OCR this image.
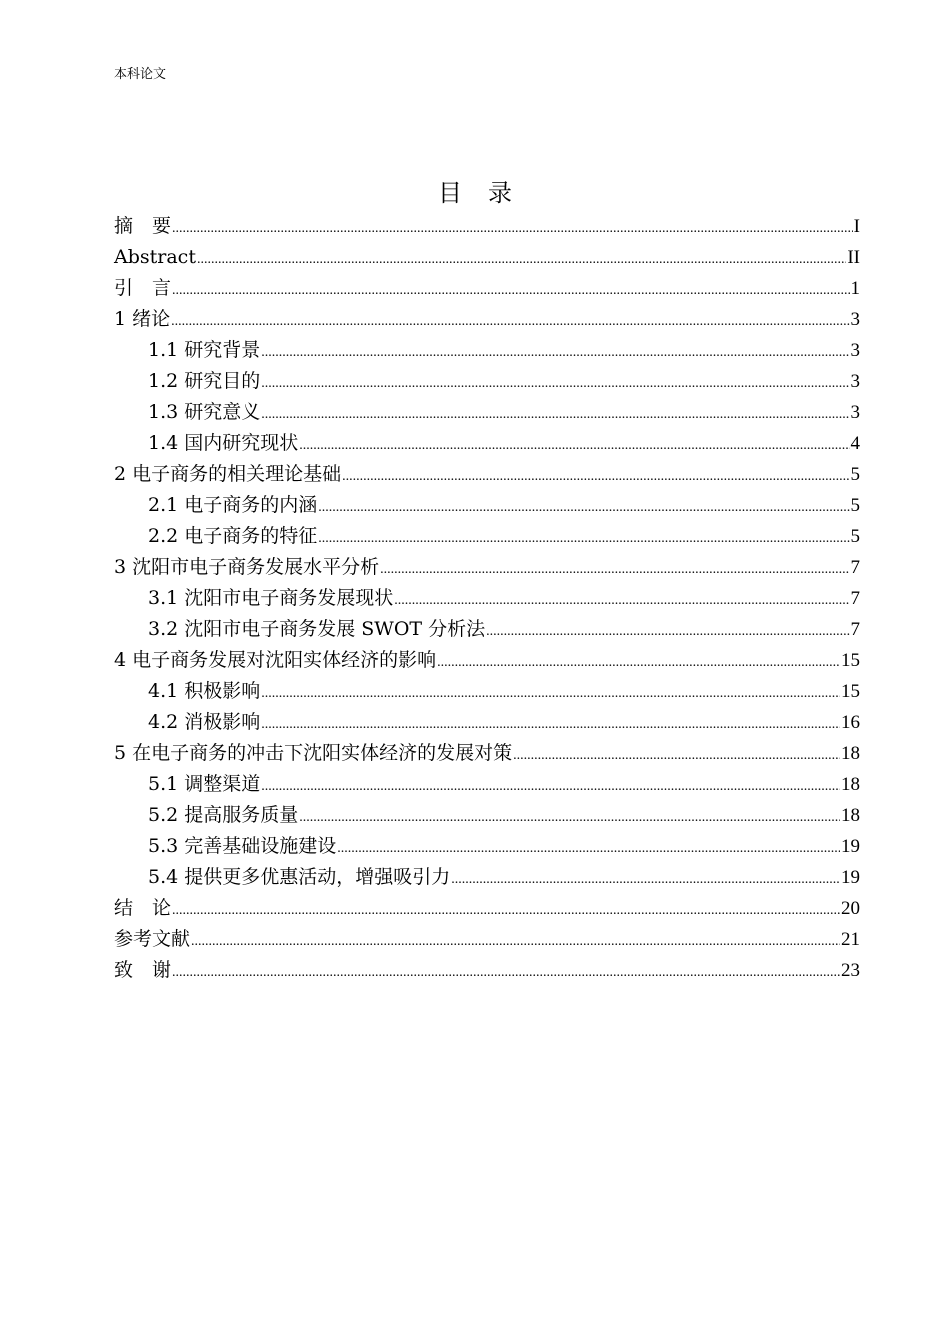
本科论文
目录
摘　要 .....	I
Abstract .....	II
引　言 .....	1
1 绪论 .....	3
1.1 研究背景 .....	3
1.2 研究目的 .....	3
1.3 研究意义 .....	3
1.4 国内研究现状 .....	4
2 电子商务的相关理论基础 .....	5
2.1 电子商务的内涵 .....	5
2.2 电子商务的特征 .....	5
3 沈阳市电子商务发展水平分析 .....	7
3.1 沈阳市电子商务发展现状 .....	7
3.2 沈阳市电子商务发展 SWOT 分析法 .....	7
4 电子商务发展对沈阳实体经济的影响 .....	15
4.1 积极影响 .....	15
4.2 消极影响 .....	16
5 在电子商务的冲击下沈阳实体经济的发展对策 .....	18
5.1 调整渠道 .....	18
5.2 提高服务质量 .....	18
5.3 完善基础设施建设 .....	19
5.4 提供更多优惠活动，增强吸引力 .....	19
结　论 .....	20
参考文献 .....	21
致　谢 .....	23
